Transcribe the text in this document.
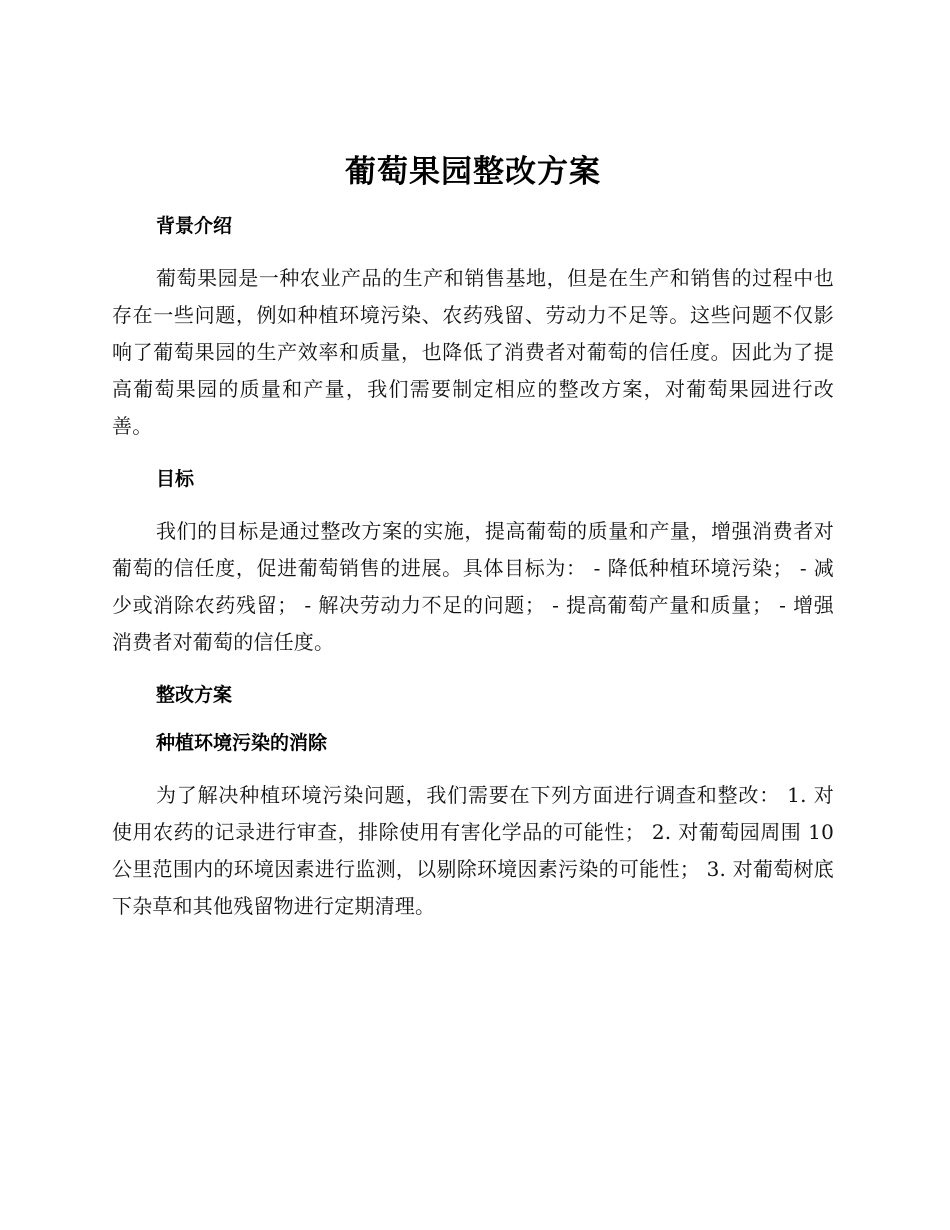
葡萄果园整改方案
背景介绍

葡萄果园是一种农业产品的生产和销售基地，但是在生产和销售的过程中也存在一些问题，例如种植环境污染、农药残留、劳动力不足等。这些问题不仅影响了葡萄果园的生产效率和质量，也降低了消费者对葡萄的信任度。因此为了提高葡萄果园的质量和产量，我们需要制定相应的整改方案，对葡萄果园进行改善。

目标

我们的目标是通过整改方案的实施，提高葡萄的质量和产量，增强消费者对葡萄的信任度，促进葡萄销售的进展。具体目标为： - 降低种植环境污染； - 减少或消除农药残留； - 解决劳动力不足的问题； - 提高葡萄产量和质量； - 增强消费者对葡萄的信任度。

整改方案
种植环境污染的消除

为了解决种植环境污染问题，我们需要在下列方面进行调查和整改： 1. 对使用农药的记录进行审查，排除使用有害化学品的可能性； 2. 对葡萄园周围 10 公里范围内的环境因素进行监测，以剔除环境因素污染的可能性； 3. 对葡萄树底下杂草和其他残留物进行定期清理。
